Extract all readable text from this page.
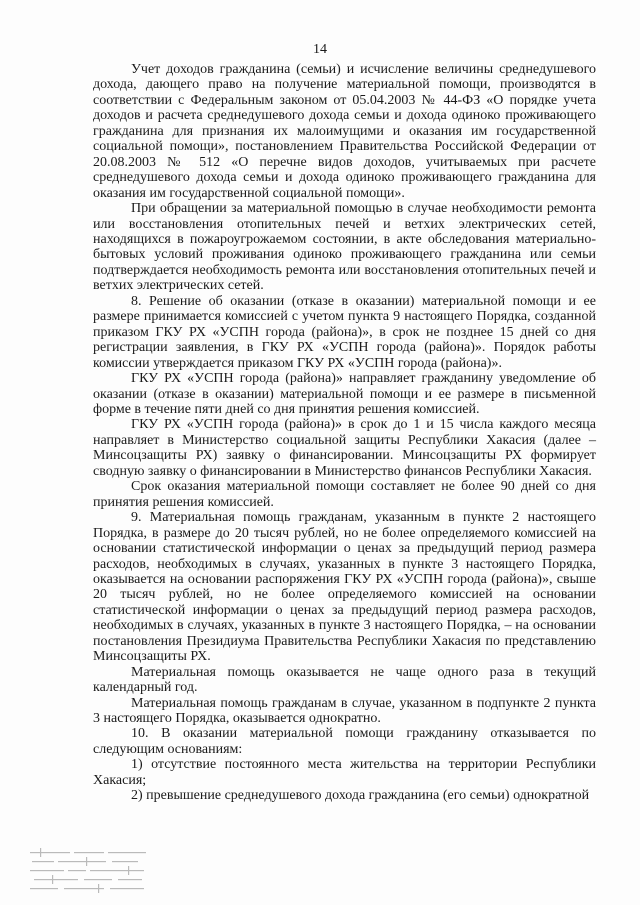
14

Учет доходов гражданина (семьи) и исчисление величины среднедушевого дохода, дающего право на получение материальной помощи, производятся в соответствии с Федеральным законом от 05.04.2003 № 44-ФЗ «О порядке учета доходов и расчета среднедушевого дохода семьи и дохода одиноко проживающего гражданина для признания их малоимущими и оказания им государственной социальной помощи», постановлением Правительства Российской Федерации от 20.08.2003 № 512 «О перечне видов доходов, учитываемых при расчете среднедушевого дохода семьи и дохода одиноко проживающего гражданина для оказания им государственной социальной помощи».

При обращении за материальной помощью в случае необходимости ремонта или восстановления отопительных печей и ветхих электрических сетей, находящихся в пожароугрожаемом состоянии, в акте обследования материально-бытовых условий проживания одиноко проживающего гражданина или семьи подтверждается необходимость ремонта или восстановления отопительных печей и ветхих электрических сетей.

8. Решение об оказании (отказе в оказании) материальной помощи и ее размере принимается комиссией с учетом пункта 9 настоящего Порядка, созданной приказом ГКУ РХ «УСПН города (района)», в срок не позднее 15 дней со дня регистрации заявления, в ГКУ РХ «УСПН города (района)». Порядок работы комиссии утверждается приказом ГКУ РХ «УСПН города (района)».

ГКУ РХ «УСПН города (района)» направляет гражданину уведомление об оказании (отказе в оказании) материальной помощи и ее размере в письменной форме в течение пяти дней со дня принятия решения комиссией.

ГКУ РХ «УСПН города (района)» в срок до 1 и 15 числа каждого месяца направляет в Министерство социальной защиты Республики Хакасия (далее – Минсоцзащиты РХ) заявку о финансировании. Минсоцзащиты РХ формирует сводную заявку о финансировании в Министерство финансов Республики Хакасия.

Срок оказания материальной помощи составляет не более 90 дней со дня принятия решения комиссией.

9. Материальная помощь гражданам, указанным в пункте 2 настоящего Порядка, в размере до 20 тысяч рублей, но не более определяемого комиссией на основании статистической информации о ценах за предыдущий период размера расходов, необходимых в случаях, указанных в пункте 3 настоящего Порядка, оказывается на основании распоряжения ГКУ РХ «УСПН города (района)», свыше 20 тысяч рублей, но не более определяемого комиссией на основании статистической информации о ценах за предыдущий период размера расходов, необходимых в случаях, указанных в пункте 3 настоящего Порядка, – на основании постановления Президиума Правительства Республики Хакасия по представлению Минсоцзащиты РХ.

Материальная помощь оказывается не чаще одного раза в текущий календарный год.

Материальная помощь гражданам в случае, указанном в подпункте 2 пункта 3 настоящего Порядка, оказывается однократно.

10. В оказании материальной помощи гражданину отказывается по следующим основаниям:

1) отсутствие постоянного места жительства на территории Республики Хакасия;

2) превышение среднедушевого дохода гражданина (его семьи) однократной
